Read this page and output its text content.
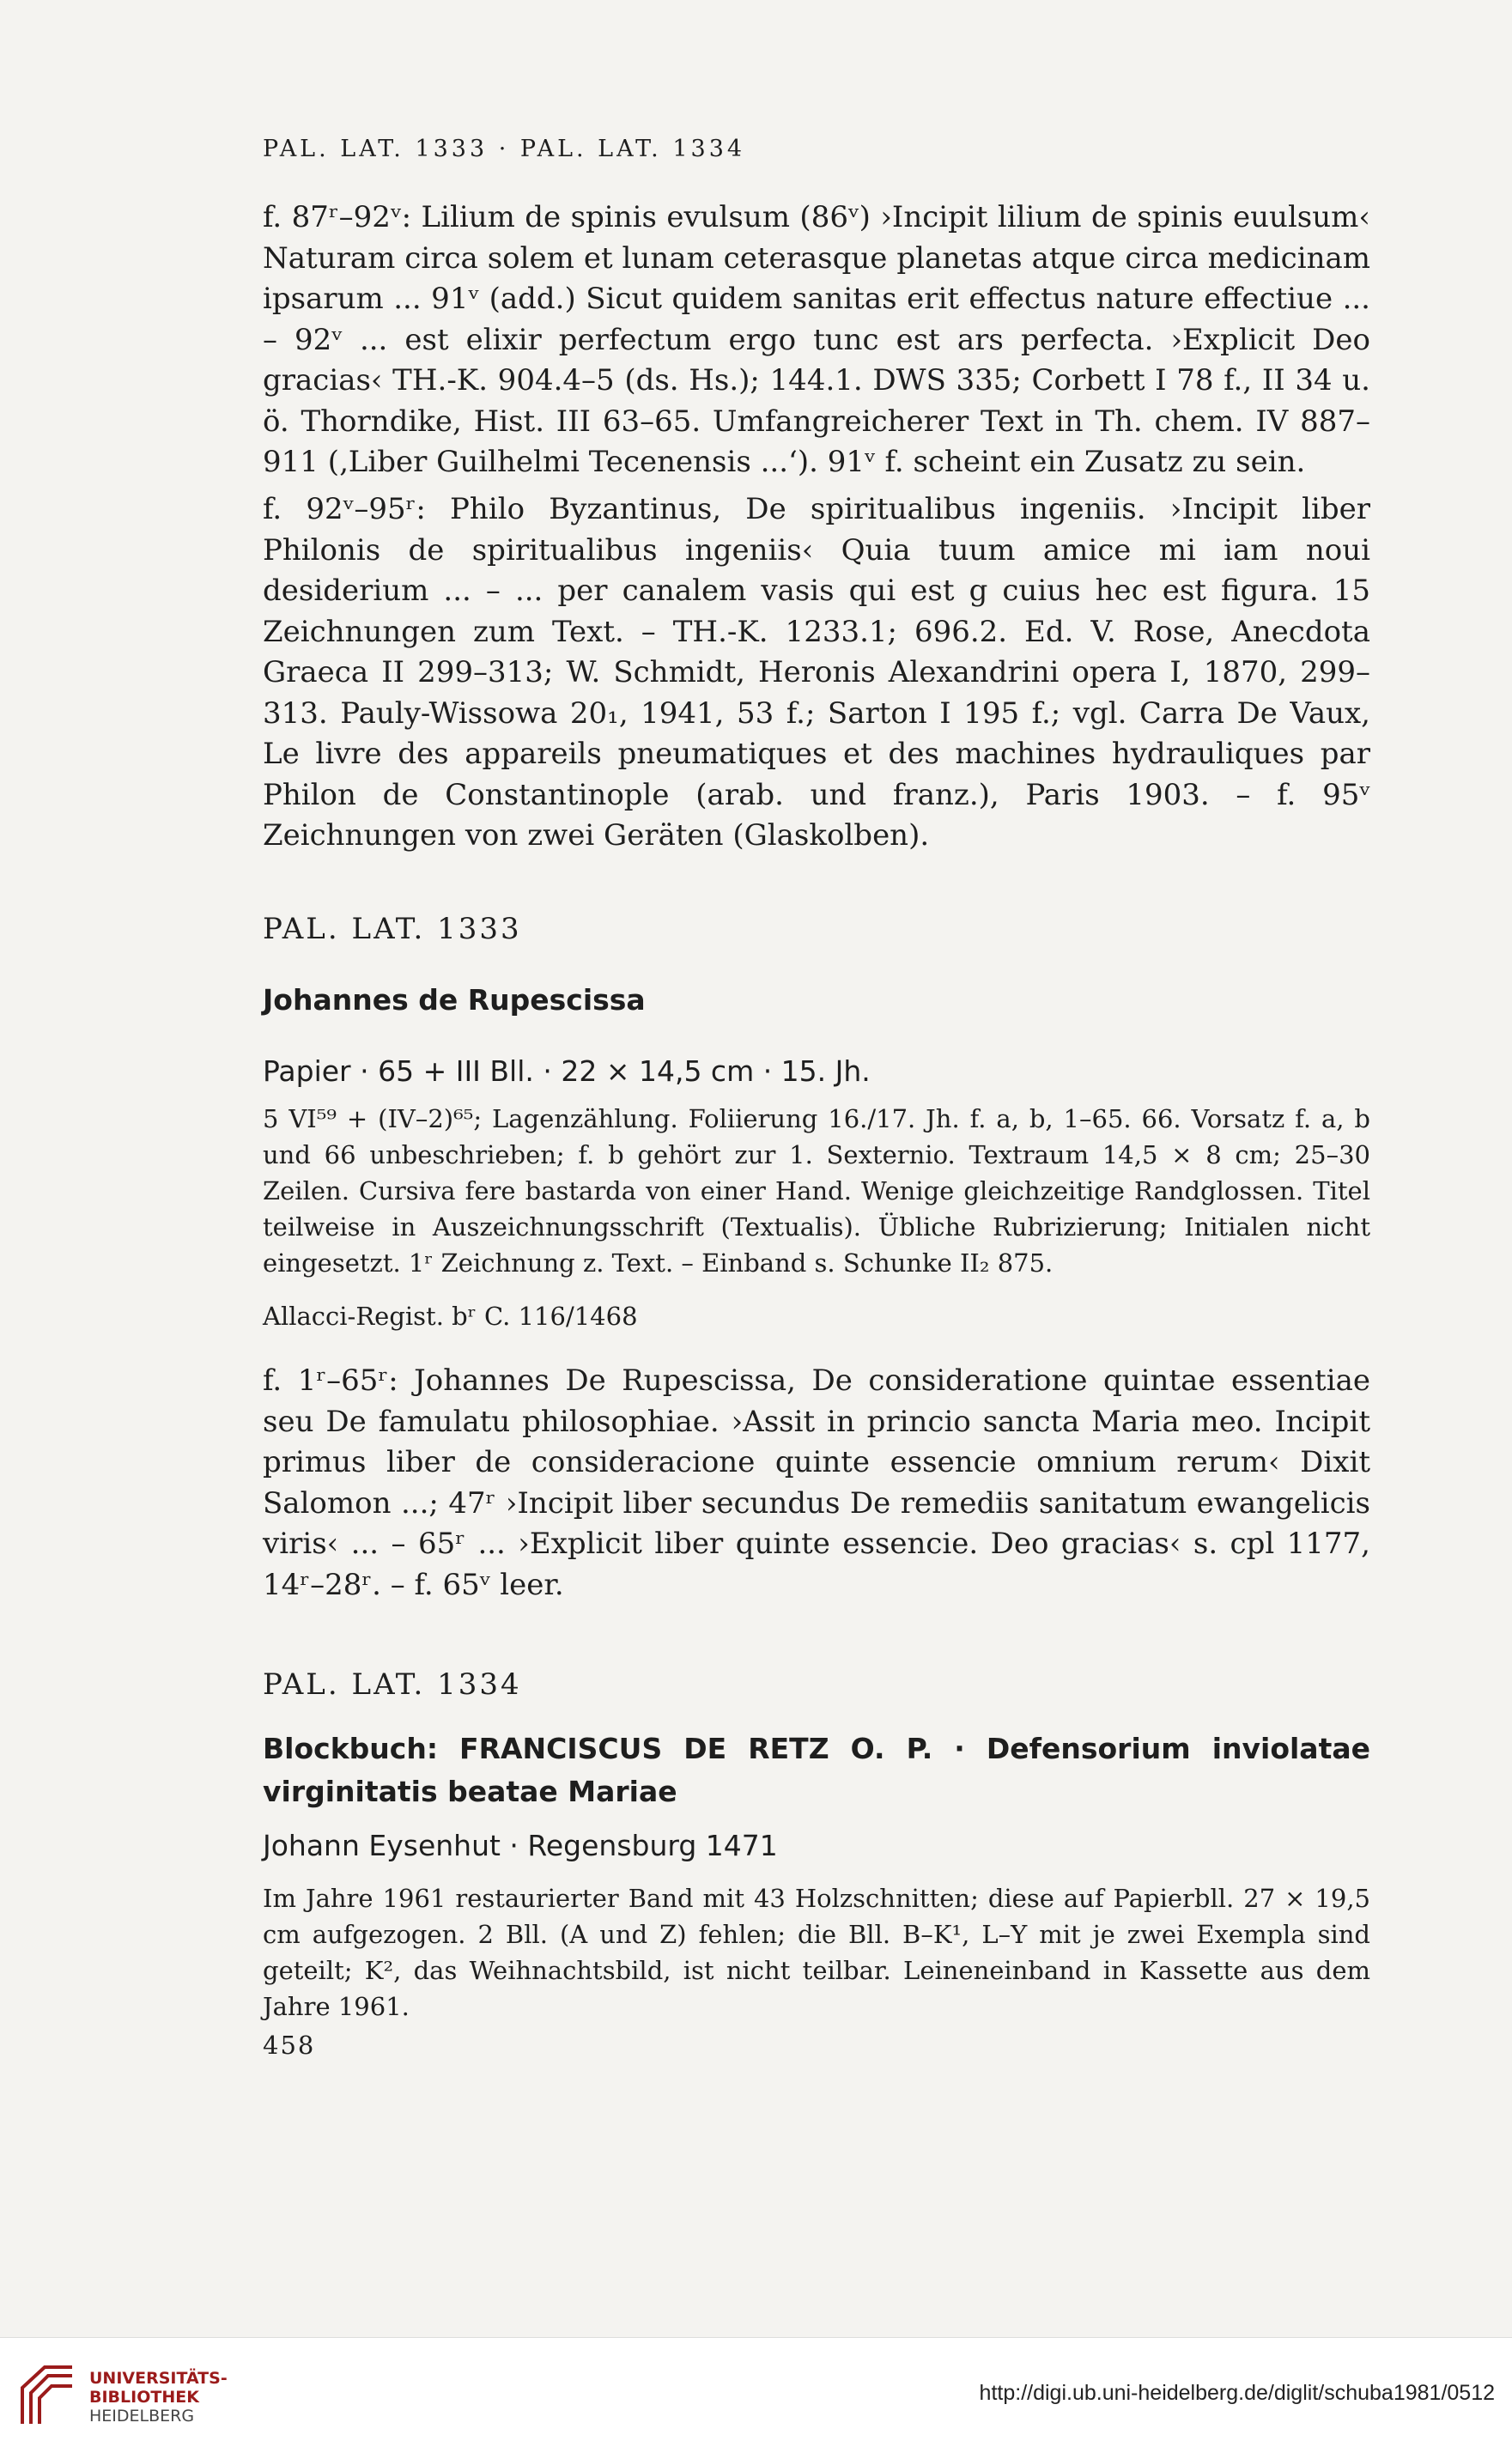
PAL. LAT. 1333 · PAL. LAT. 1334

f. 87ʳ–92ᵛ: Lilium de spinis evulsum (86ᵛ) ›Incipit lilium de spinis euulsum‹ Naturam circa solem et lunam ceterasque planetas atque circa medicinam ipsarum ... 91ᵛ (add.) Sicut quidem sanitas erit effectus nature effectiue ... – 92ᵛ ... est elixir perfectum ergo tunc est ars perfecta. ›Explicit Deo gracias‹ TH.-K. 904.4–5 (ds. Hs.); 144.1. DWS 335; Corbett I 78 f., II 34 u. ö. Thorndike, Hist. III 63–65. Umfangreicherer Text in Th. chem. IV 887–911 (‚Liber Guilhelmi Tecenensis ...‘). 91ᵛ f. scheint ein Zusatz zu sein.

f. 92ᵛ–95ʳ: Philo Byzantinus, De spiritualibus ingeniis. ›Incipit liber Philonis de spiritualibus ingeniis‹ Quia tuum amice mi iam noui desiderium ... – ... per canalem vasis qui est g cuius hec est figura. 15 Zeichnungen zum Text. – TH.-K. 1233.1; 696.2. Ed. V. Rose, Anecdota Graeca II 299–313; W. Schmidt, Heronis Alexandrini opera I, 1870, 299–313. Pauly-Wissowa 20₁, 1941, 53 f.; Sarton I 195 f.; vgl. Carra De Vaux, Le livre des appareils pneumatiques et des machines hydrauliques par Philon de Constantinople (arab. und franz.), Paris 1903. – f. 95ᵛ Zeichnungen von zwei Geräten (Glaskolben).

PAL. LAT. 1333
Johannes de Rupescissa
Papier · 65 + III Bll. · 22 × 14,5 cm · 15. Jh.

5 VI⁵⁹ + (IV–2)⁶⁵; Lagenzählung. Foliierung 16./17. Jh. f. a, b, 1–65. 66. Vorsatz f. a, b und 66 unbeschrieben; f. b gehört zur 1. Sexternio. Textraum 14,5 × 8 cm; 25–30 Zeilen. Cursiva fere bastarda von einer Hand. Wenige gleichzeitige Randglossen. Titel teilweise in Auszeichnungsschrift (Textualis). Übliche Rubrizierung; Initialen nicht eingesetzt. 1ʳ Zeichnung z. Text. – Einband s. Schunke II₂ 875.

Allacci-Regist. bʳ C. 116/1468

f. 1ʳ–65ʳ: Johannes De Rupescissa, De consideratione quintae essentiae seu De famulatu philosophiae. ›Assit in princio sancta Maria meo. Incipit primus liber de consideracione quinte essencie omnium rerum‹ Dixit Salomon ...; 47ʳ ›Incipit liber secundus De remediis sanitatum ewangelicis viris‹ ... – 65ʳ ... ›Explicit liber quinte essencie. Deo gracias‹ s. cpl 1177, 14ʳ–28ʳ. – f. 65ᵛ leer.

PAL. LAT. 1334
Blockbuch: FRANCISCUS DE RETZ O. P. · Defensorium inviolatae virginitatis beatae Mariae
Johann Eysenhut · Regensburg 1471

Im Jahre 1961 restaurierter Band mit 43 Holzschnitten; diese auf Papierbll. 27 × 19,5 cm aufgezogen. 2 Bll. (A und Z) fehlen; die Bll. B–K¹, L–Y mit je zwei Exempla sind geteilt; K², das Weihnachtsbild, ist nicht teilbar. Leineneinband in Kassette aus dem Jahre 1961.

458
UNIVERSITÄTS-
BIBLIOTHEK
HEIDELBERG
http://digi.ub.uni-heidelberg.de/diglit/schuba1981/0512
